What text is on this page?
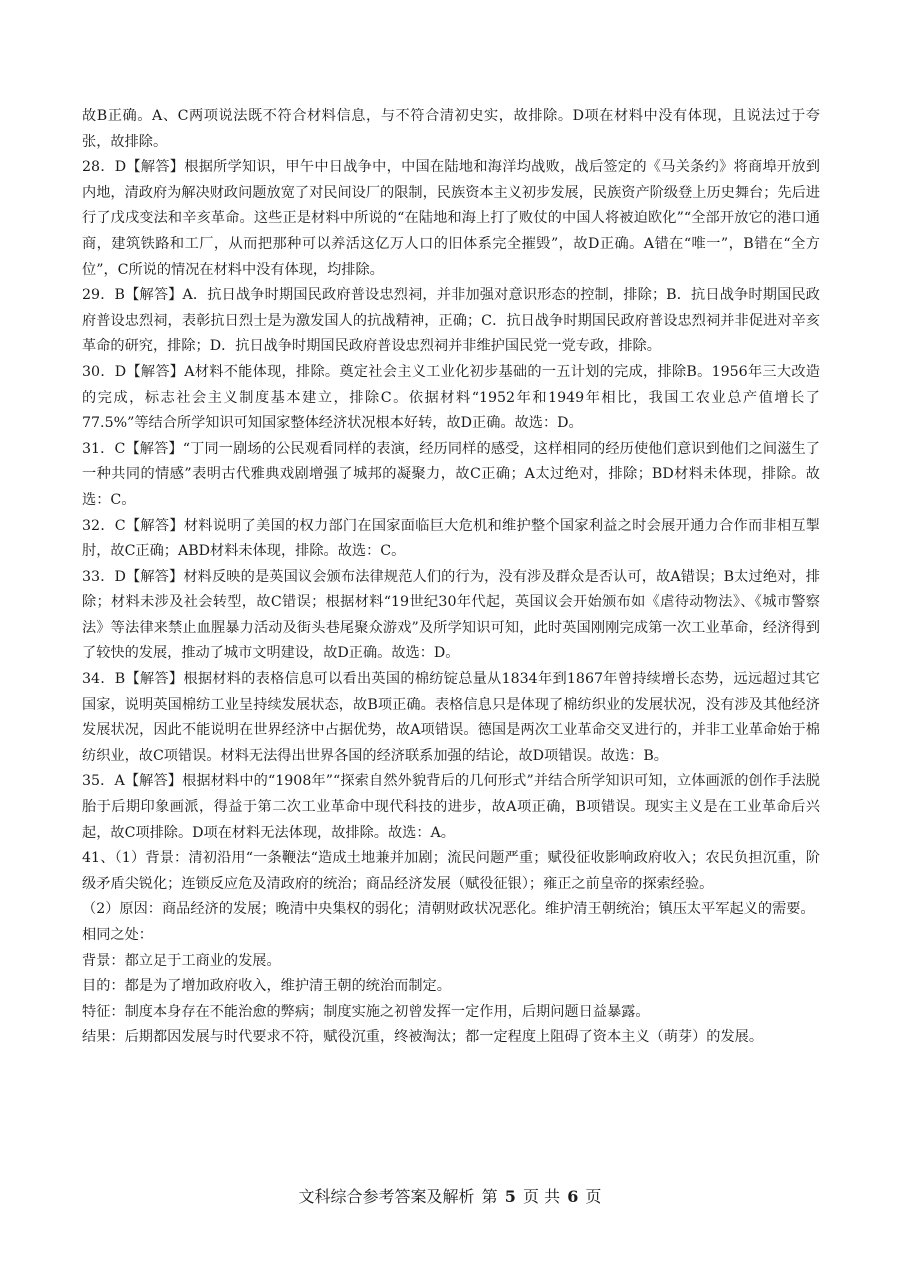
故B正确。A、C两项说法既不符合材料信息，与不符合清初史实，故排除。D项在材料中没有体现，且说法过于夸张，故排除。

28．D【解答】根据所学知识，甲午中日战争中，中国在陆地和海洋均战败，战后签定的《马关条约》将商埠开放到内地，清政府为解决财政问题放宽了对民间设厂的限制，民族资本主义初步发展，民族资产阶级登上历史舞台；先后进行了戊戌变法和辛亥革命。这些正是材料中所说的“在陆地和海上打了败仗的中国人将被迫欧化”“全部开放它的港口通商，建筑铁路和工厂，从而把那种可以养活这亿万人口的旧体系完全摧毁”，故D正确。A错在“唯一”，B错在“全方位”，C所说的情况在材料中没有体现，均排除。

29．B【解答】A．抗日战争时期国民政府普设忠烈祠，并非加强对意识形态的控制，排除；B．抗日战争时期国民政府普设忠烈祠，表彰抗日烈士是为激发国人的抗战精神，正确；C．抗日战争时期国民政府普设忠烈祠并非促进对辛亥革命的研究，排除；D．抗日战争时期国民政府普设忠烈祠并非维护国民党一党专政，排除。

30．D【解答】A材料不能体现，排除。奠定社会主义工业化初步基础的一五计划的完成，排除B。1956年三大改造的完成，标志社会主义制度基本建立，排除C。依据材料“1952年和1949年相比，我国工农业总产值增长了77.5%”等结合所学知识可知国家整体经济状况根本好转，故D正确。故选：D。

31．C【解答】“丁同一剧场的公民观看同样的表演，经历同样的感受，这样相同的经历使他们意识到他们之间滋生了一种共同的情感”表明古代雅典戏剧增强了城邦的凝聚力，故C正确；A太过绝对，排除；BD材料未体现，排除。故选：C。

32．C【解答】材料说明了美国的权力部门在国家面临巨大危机和维护整个国家利益之时会展开通力合作而非相互掣肘，故C正确；ABD材料未体现，排除。故选：C。

33．D【解答】材料反映的是英国议会颁布法律规范人们的行为，没有涉及群众是否认可，故A错误；B太过绝对，排除；材料未涉及社会转型，故C错误；根据材料“19世纪30年代起，英国议会开始颁布如《虐待动物法》、《城市警察法》等法律来禁止血腥暴力活动及街头巷尾聚众游戏”及所学知识可知，此时英国刚刚完成第一次工业革命，经济得到了较快的发展，推动了城市文明建设，故D正确。故选：D。

34．B【解答】根据材料的表格信息可以看出英国的棉纺锭总量从1834年到1867年曾持续增长态势，远远超过其它国家，说明英国棉纺工业呈持续发展状态，故B项正确。表格信息只是体现了棉纺织业的发展状况，没有涉及其他经济发展状况，因此不能说明在世界经济中占据优势，故A项错误。德国是两次工业革命交叉进行的，并非工业革命始于棉纺织业，故C项错误。材料无法得出世界各国的经济联系加强的结论，故D项错误。故选：B。

35．A【解答】根据材料中的“1908年”“探索自然外貌背后的几何形式”并结合所学知识可知，立体画派的创作手法脱胎于后期印象画派，得益于第二次工业革命中现代科技的进步，故A项正确，B项错误。现实主义是在工业革命后兴起，故C项排除。D项在材料无法体现，故排除。故选：A。

41、（1）背景：清初沿用“一条鞭法“造成土地兼并加剧；流民问题严重；赋役征收影响政府收入；农民负担沉重，阶级矛盾尖锐化；连锁反应危及清政府的统治；商品经济发展（赋役征银）；雍正之前皇帝的探索经验。

（2）原因：商品经济的发展；晚清中央集权的弱化；清朝财政状况恶化。维护清王朝统治；镇压太平军起义的需要。

相同之处：

背景：都立足于工商业的发展。

目的：都是为了增加政府收入，维护清王朝的统治而制定。

特征：制度本身存在不能治愈的弊病；制度实施之初曾发挥一定作用，后期问题日益暴露。

结果：后期都因发展与时代要求不符，赋役沉重，终被淘汰；都一定程度上阻碍了资本主义（萌芽）的发展。

文科综合参考答案及解析 第 5 页 共 6 页
